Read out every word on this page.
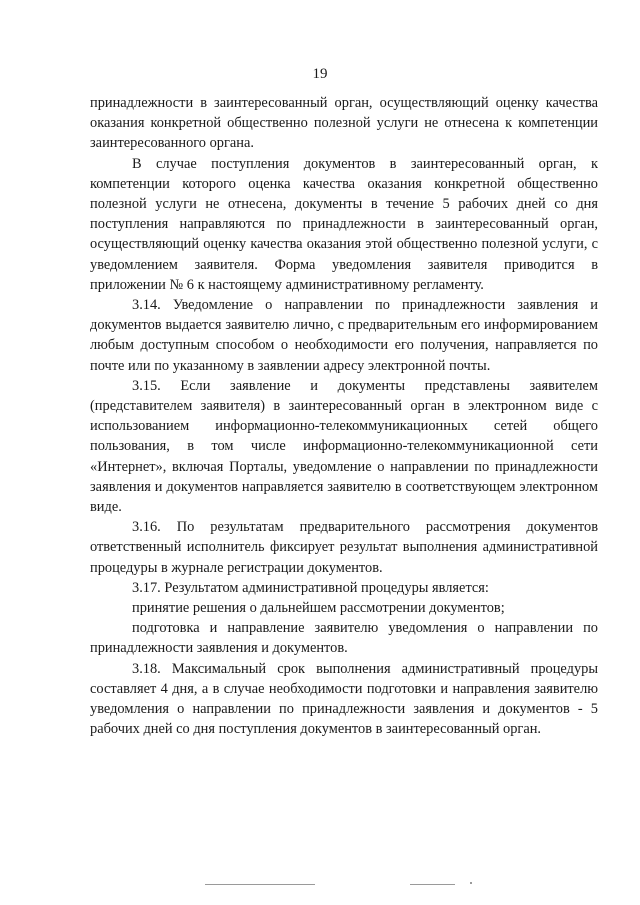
19

принадлежности в заинтересованный орган, осуществляющий оценку качества оказания конкретной общественно полезной услуги не отнесена к компетенции заинтересованного органа.

В случае поступления документов в заинтересованный орган, к компетенции которого оценка качества оказания конкретной общественно полезной услуги не отнесена, документы в течение 5 рабочих дней со дня поступления направляются по принадлежности в заинтересованный орган, осуществляющий оценку качества оказания этой общественно полезной услуги, с уведомлением заявителя. Форма уведомления заявителя приводится в приложении № 6 к настоящему административному регламенту.

3.14. Уведомление о направлении по принадлежности заявления и документов выдается заявителю лично, с предварительным его информированием любым доступным способом о необходимости его получения, направляется по почте или по указанному в заявлении адресу электронной почты.

3.15. Если заявление и документы представлены заявителем (представителем заявителя) в заинтересованный орган в электронном виде с использованием информационно-телекоммуникационных сетей общего пользования, в том числе информационно-телекоммуникационной сети «Интернет», включая Порталы, уведомление о направлении по принадлежности заявления и документов направляется заявителю в соответствующем электронном виде.

3.16. По результатам предварительного рассмотрения документов ответственный исполнитель фиксирует результат выполнения административной процедуры в журнале регистрации документов.

3.17. Результатом административной процедуры является:

принятие решения о дальнейшем рассмотрении документов;

подготовка и направление заявителю уведомления о направлении по принадлежности заявления и документов.

3.18. Максимальный срок выполнения административный процедуры составляет 4 дня, а в случае необходимости подготовки и направления заявителю уведомления о направлении по принадлежности заявления и документов - 5 рабочих дней со дня поступления документов в заинтересованный орган.
